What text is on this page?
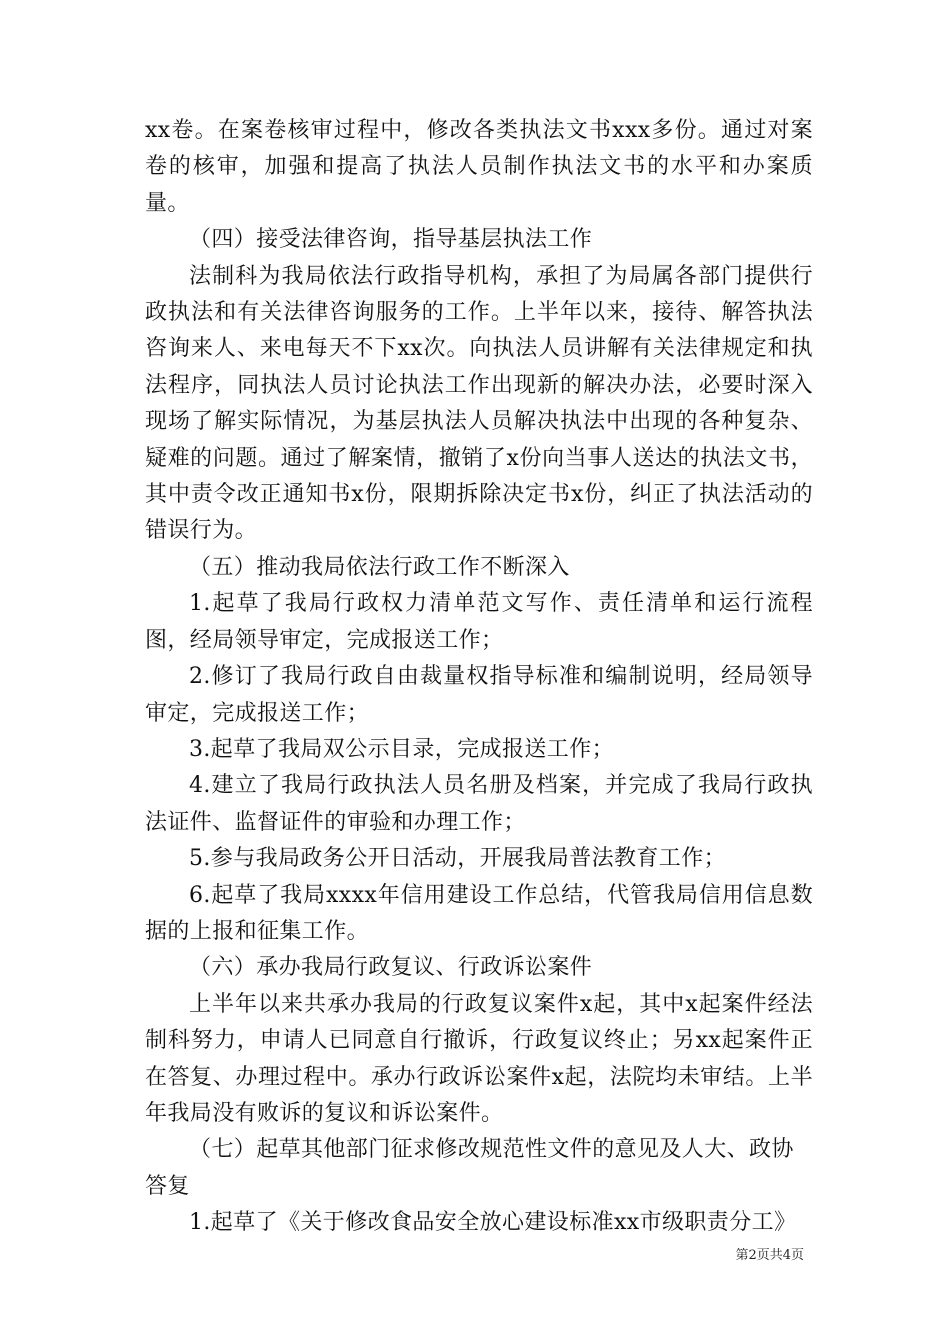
xx卷。在案卷核审过程中，修改各类执法文书xxx多份。通过对案卷的核审，加强和提高了执法人员制作执法文书的水平和办案质量。

（四）接受法律咨询，指导基层执法工作

法制科为我局依法行政指导机构，承担了为局属各部门提供行政执法和有关法律咨询服务的工作。上半年以来，接待、解答执法咨询来人、来电每天不下xx次。向执法人员讲解有关法律规定和执法程序，同执法人员讨论执法工作出现新的解决办法，必要时深入现场了解实际情况，为基层执法人员解决执法中出现的各种复杂、疑难的问题。通过了解案情，撤销了x份向当事人送达的执法文书，其中责令改正通知书x份，限期拆除决定书x份，纠正了执法活动的错误行为。

（五）推动我局依法行政工作不断深入

1.起草了我局行政权力清单范文写作、责任清单和运行流程图，经局领导审定，完成报送工作；

2.修订了我局行政自由裁量权指导标准和编制说明，经局领导审定，完成报送工作；

3.起草了我局双公示目录，完成报送工作；

4.建立了我局行政执法人员名册及档案，并完成了我局行政执法证件、监督证件的审验和办理工作；

5.参与我局政务公开日活动，开展我局普法教育工作；

6.起草了我局xxxx年信用建设工作总结，代管我局信用信息数据的上报和征集工作。

（六）承办我局行政复议、行政诉讼案件

上半年以来共承办我局的行政复议案件x起，其中x起案件经法制科努力，申请人已同意自行撤诉，行政复议终止；另xx起案件正在答复、办理过程中。承办行政诉讼案件x起，法院均未审结。上半年我局没有败诉的复议和诉讼案件。

（七）起草其他部门征求修改规范性文件的意见及人大、政协答复

1.起草了《关于修改食品安全放心建设标准xx市级职责分工》

第2页共4页
